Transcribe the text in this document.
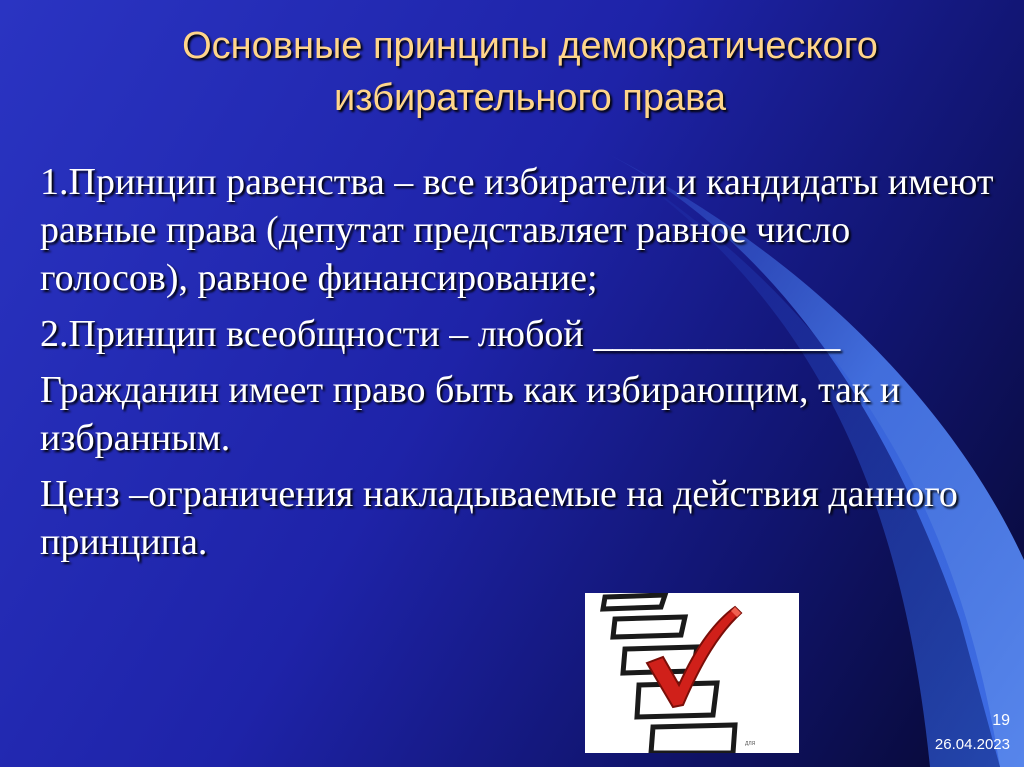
Основные принципы демократического
избирательного права

1.Принцип равенства – все избиратели и кандидаты имеют равные права (депутат представляет равное число голосов), равное финансирование;

2.Принцип всеобщности – любой _____________

Гражданин имеет право быть как избирающим, так и избранным.

Ценз –ограничения накладываемые на действия данного принципа.

ДЛЯ
19
26.04.2023
